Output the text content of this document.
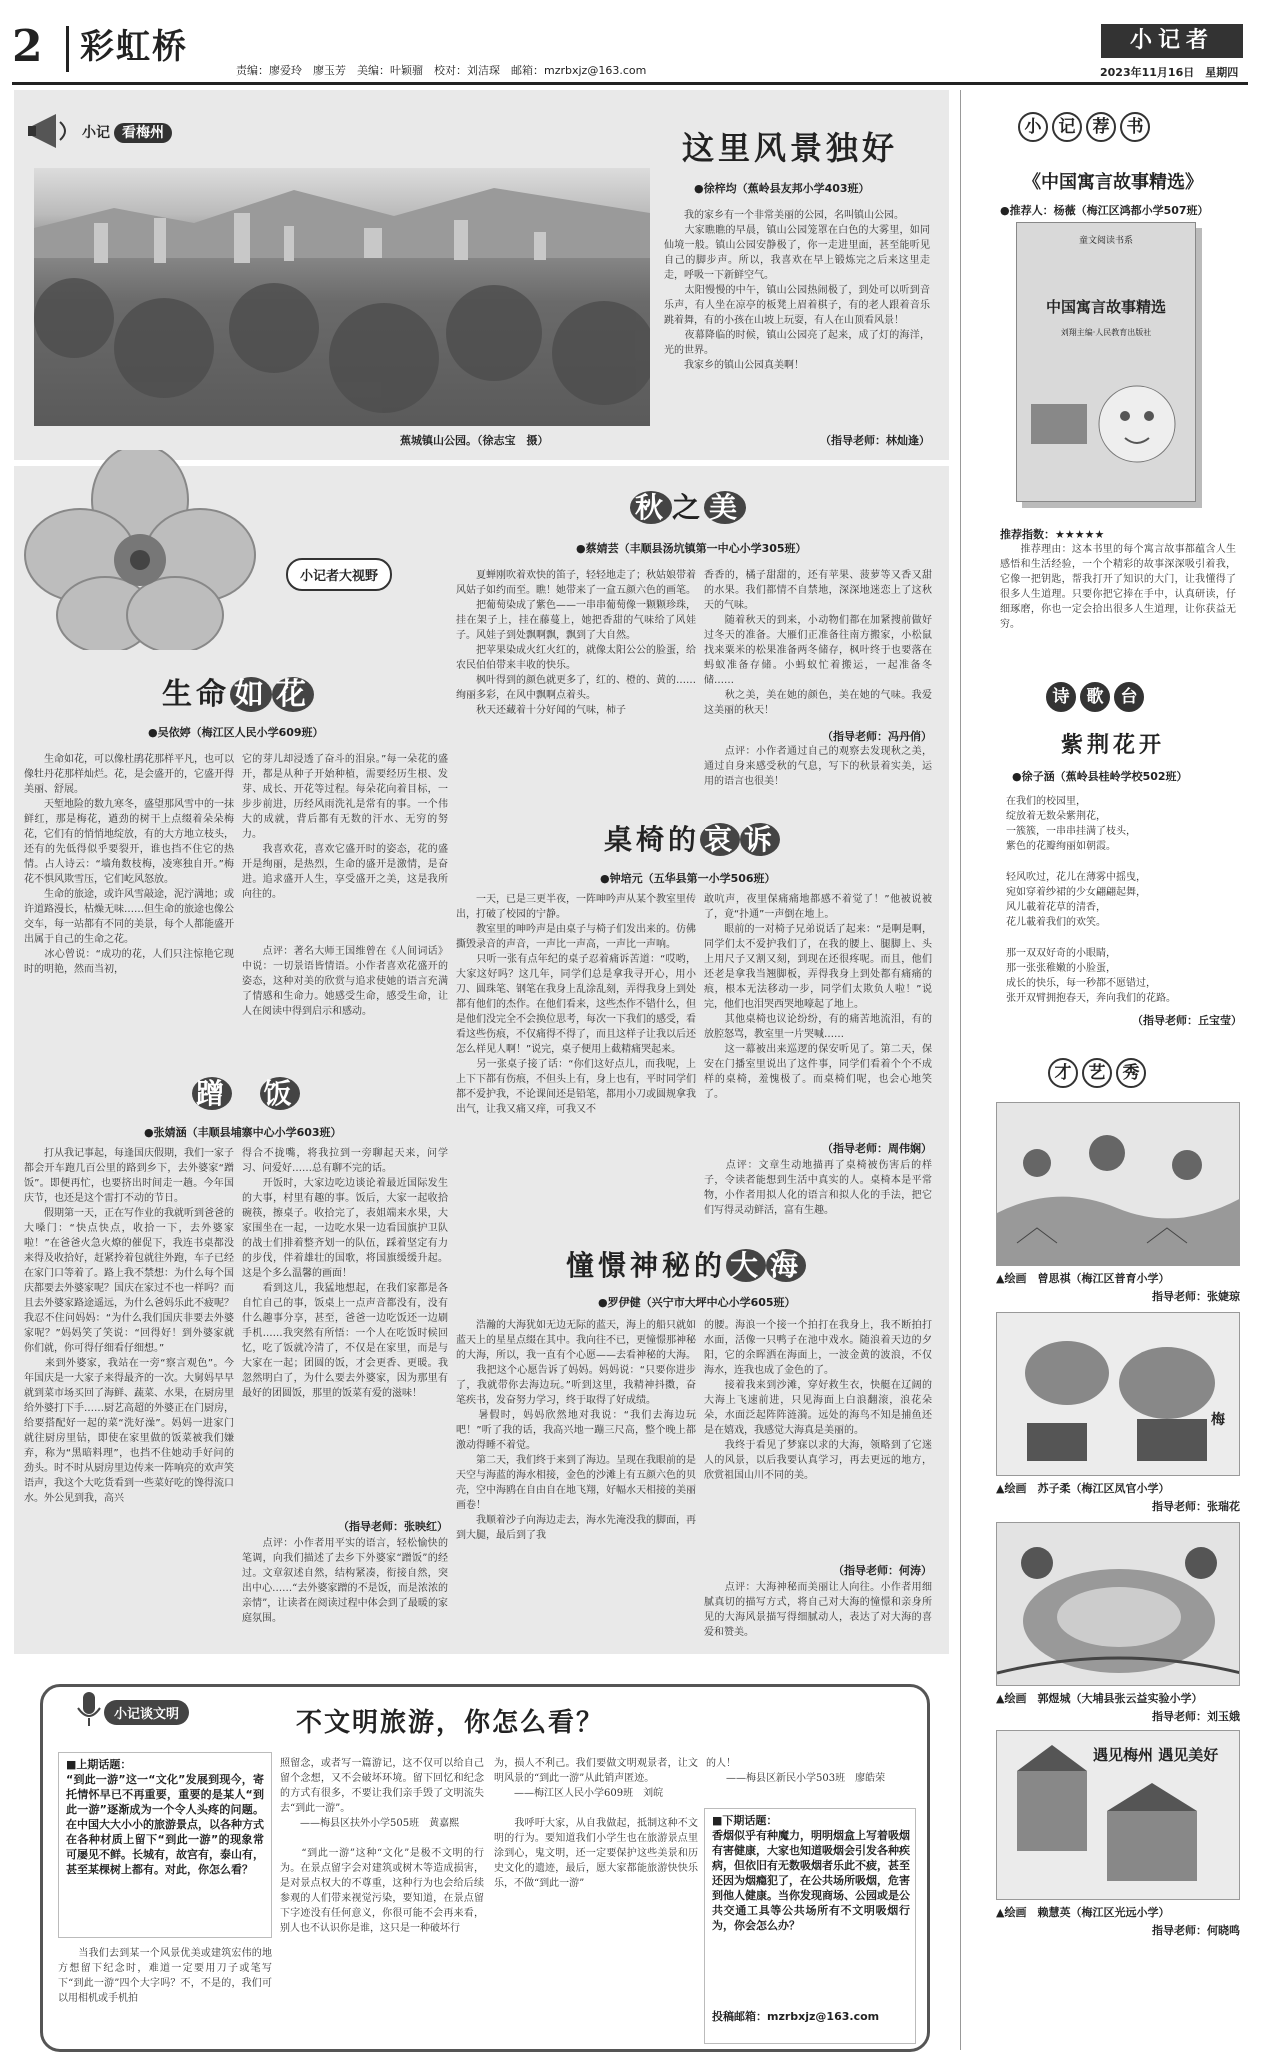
2 彩虹桥
责编：廖爱玲　廖玉芳　美编：叶颖骝　校对：刘洁琛　邮箱：mzrbxjz@163.com
小记者
2023年11月16日　星期四
小记 看梅州
蕉城镇山公园。（徐志宝　摄）
这里风景独好
●徐梓均（蕉岭县友邦小学403班）
　　我的家乡有一个非常美丽的公园，名叫镇山公园。
　　大家瞧瞧的早晨，镇山公园笼罩在白色的大雾里，如同仙境一般。镇山公园安静极了，你一走进里面，甚至能听见自己的脚步声。所以，我喜欢在早上锻炼完之后来这里走走，呼吸一下新鲜空气。
　　太阳慢慢的中午，镇山公园热闹极了，到处可以听到音乐声，有人坐在凉亭的板凳上眉着棋子，有的老人跟着音乐跳着舞，有的小孩在山坡上玩耍，有人在山顶看风景！
　　夜幕降临的时候，镇山公园亮了起来，成了灯的海洋，光的世界。
　　我家乡的镇山公园真美啊！
（指导老师：林灿逢）
小记者大视野
秋 之 美
●蔡婧芸（丰顺县汤坑镇第一中心小学305班）
　　夏蝉刚吹着欢快的笛子，轻轻地走了；秋姑娘带着风姑子如约而至。瞧！她带来了一盒五颜六色的画笔。
　　把葡萄染成了紫色——一串串葡萄像一颗颗珍珠，挂在架子上，挂在藤蔓上，她把香甜的气味给了风娃子。风娃子到处飘啊飘，飘到了大自然。
　　把苹果染成火红火红的，就像太阳公公的脸蛋，给农民伯伯带来丰收的快乐。
　　枫叶得到的颜色就更多了，红的、橙的、黄的……绚丽多彩，在风中飘啊点着头。
　　秋天还藏着十分好闻的气味，柿子
香香的，橘子甜甜的，还有苹果、菠萝等又香又甜的水果。我们都情不自禁地，深深地迷恋上了这秋天的气味。
　　随着秋天的到来，小动物们都在加紧搜前做好过冬天的准备。大雁们正准备往南方搬家，小松鼠找来粟米的松果准备两冬储存，枫叶终于也要落在蚂蚁准备存储。小蚂蚁忙着搬运，一起准备冬储……
　　秋之美，美在她的颜色，美在她的气味。我爱这美丽的秋天！
（指导老师：冯丹俏）
　　点评：小作者通过自己的观察去发现秋之美，通过自身来感受秋的气息，写下的秋景着实美，运用的语言也很美！
生命 如 花
●吴依婷（梅江区人民小学609班）
　　生命如花，可以像杜鹃花那样平凡，也可以像牡丹花那样灿烂。花，是会盛开的，它盛开得美丽、舒展。
　　天堑地险的数九寒冬，盛望那风雪中的一抹鲜红，那是梅花，遒劲的树干上点缀着朵朵梅花，它们有的悄悄地绽放，有的大方地立枝头，还有的先低得似乎要裂开，谁也挡不住它的热情。占人诗云：“墙角数枝梅，凌寒独自开。”梅花不惧风欺雪压，它们屹风怒放。
　　生命的旅途，或许风雪敲途，泥泞满地；或许道路漫长，枯燥无味……但生命的旅途也像公交车，每一站都有不同的美景，每个人都能盛开出属于自己的生命之花。
　　冰心曾说：“成功的花，人们只注惊艳它现时的明艳，然而当初，
它的芽儿却浸透了奋斗的泪泉。”每一朵花的盛开，都是从种子开始种植，需要经历生根、发芽、成长、开花等过程。每朵花向着目标，一步步前进，历经风雨洗礼是常有的事。一个伟大的成就，背后都有无数的汗水、无穷的努力。
　　我喜欢花，喜欢它盛开时的姿态，花的盛开是绚丽，是热烈，生命的盛开是激情，是奋进。追求盛开人生，享受盛开之美，这是我所向往的。
　　点评：著名大师王国维曾在《人间词话》中说：一切景语皆情语。小作者喜欢花盛开的姿态，这种对美的欣赏与追求使她的语言充满了情感和生命力。她感受生命，感受生命，让人在阅读中得到启示和感动。
桌椅的 哀 诉
●钟培元（五华县第一小学506班）
　　一天，已是三更半夜，一阵呻吟声从某个教室里传出，打破了校园的宁静。
　　教室里的呻吟声是由桌子与椅子们发出来的。仿佛撕毁录音的声音，一声比一声高，一声比一声响。
　　只听一张有点年纪的桌子忍着痛诉苦道：“哎哟，大家这好吗？这几年，同学们总是拿我寻开心，用小刀、圆珠笔、钢笔在我身上乱涂乱刻，弄得我身上到处都有他们的杰作。在他们看来，这些杰作不错什么，但是他们没完全不会换位思考，每次一下我们的感受，看看这些伤痕，不仅痛得不得了，而且这样子让我以后还怎么样见人啊！”说完，桌子便用上截精痛哭起来。
　　另一张桌子接了话：“你们这好点儿，而我呢，上上下下都有伤痕，不但头上有，身上也有，平时同学们都不爱护我，不论课间还是铅笔，都用小刀或圆规拿我出气，让我又痛又痒，可我又不
敢吭声，夜里保痛痛地都感不着觉了！”他被说被了，竟“扑通”一声倒在地上。
　　眼前的一对椅子兄弟说话了起来：“是啊是啊，同学们太不爱护我们了，在我的腰上、腿脚上、头上用尺子又割又刻，到现在还很疼呢。而且，他们还老是拿我当翘脚板，弄得我身上到处都有痛痛的痕，根本无法移动一步，同学们太欺负人啦！”说完，他们也泪哭西哭地嚎起了地上。
　　其他桌椅也议论纷纷，有的痛苦地流泪，有的放腔怒骂，教室里一片哭喊……
　　这一幕被出来巡逻的保安听见了。第二天，保安在门播室里说出了这件事，同学们看着个个不成样的桌椅，羞愧极了。而桌椅们呢，也会心地笑了。
（指导老师：周伟娴）
　　点评：文章生动地描再了桌椅被伤害后的样子，令读者能想到生活中真实的人。桌椅本是平常物，小作者用拟人化的语言和拟人化的手法，把它们写得灵动鲜活，富有生趣。
蹭 饭
●张婧涵（丰顺县埔寨中心小学603班）
　　打从我记事起，每逢国庆假期，我们一家子都会开车跑几百公里的路到乡下，去外婆家“蹭饭”。即便再忙，也要挤出时间走一趟。今年国庆节，也还是这个雷打不动的节日。
　　假期第一天，正在写作业的我就听到爸爸的大嗓门：“快点快点，收拾一下，去外婆家啦！”在爸爸火急火燎的催促下，我连书桌都没来得及收拾好，赶紧拎着包就往外跑，车子已经在家门口等着了。路上我不禁想：为什么每个国庆都要去外婆家呢？国庆在家过不也一样吗？而且去外婆家路途遥远，为什么爸妈乐此不疲呢？我忍不住问妈妈：“为什么我们国庆非要去外婆家呢？”妈妈笑了笑说：“回得好！到外婆家就你们就，你可得仔细看仔细想。”
　　来到外婆家，我站在一旁“察言观色”。今年国庆是一大家子来得最齐的一次。大舅妈早早就到菜市场买回了海鲜、蔬菜、水果，在厨房里给外婆打下手……厨艺高超的外婆正在门厨房，给要搭配好一起的菜“洗好澡”。妈妈一进家门就往厨房里钻，即使在家里做的饭菜被我们嫌弃，称为“黑暗料理”，也挡不住她动手好问的劲头。时不时从厨房里边传来一阵响亮的欢声笑语声，我这个大吃货看到一些菜好吃的馋得流口水。外公见到我，高兴
得合不拢嘴，将我拉到一旁聊起天来，问学习、问爱好……总有聊不完的话。
　　开饭时，大家边吃边谈论着最近国际发生的大事，村里有趣的事。饭后，大家一起收拾碗筷，擦桌子。收拾完了，表姐端来水果，大家围坐在一起，一边吃水果一边看国旗护卫队的战士们排着整齐划一的队伍，踩着坚定有力的步伐，伴着雄壮的国歌，将国旗缓缓升起。这是个多么温馨的画面！
　　看到这儿，我猛地想起，在我们家都是各自忙自己的事，饭桌上一点声音都没有，没有什么趣事分享，甚至，爸爸一边吃饭还一边刷手机……我突然有所悟：一个人在吃饭时候回忆，吃了饭就冷清了，不仅是在家里，而是与大家在一起；团圆的饭，才会更香、更暖。我忽然明白了，为什么要去外婆家，因为那里有最好的团圆饭，那里的饭菜有爱的滋味！
（指导老师：张映红）
　　点评：小作者用平实的语言，轻松愉快的笔调，向我们描述了去乡下外婆家“蹭饭”的经过。文章叙述自然，结构紧凑，衔接自然，突出中心……“去外婆家蹭的不是饭，而是浓浓的亲情”，让读者在阅读过程中体会到了最暖的家庭氛围。
憧憬神秘的 大 海
●罗伊健（兴宁市大坪中心小学605班）
　　浩瀚的大海犹如无边无际的蓝天，海上的船只就如蓝天上的星星点缀在其中。我向往不已，更憧憬那神秘的大海，所以，我一直有个心愿——去看神秘的大海。
　　我把这个心愿告诉了妈妈。妈妈说：“只要你进步了，我就带你去海边玩。”听到这里，我精神抖擞，奋笔疾书，发奋努力学习，终于取得了好成绩。
　　暑假时，妈妈欣然地对我说：“我们去海边玩吧！”听了我的话，我高兴地一蹦三尺高，整个晚上都激动得睡不着觉。
　　第二天，我们终于来到了海边。呈现在我眼前的是天空与海蓝的海水相接，金色的沙滩上有五颜六色的贝壳，空中海鸥在自由自在地飞翔，好幅水天相接的美丽画卷！
　　我顺着沙子向海边走去，海水先淹没我的脚面，再到大腿，最后到了我
的腰。海浪一个接一个拍打在我身上，我不断拍打水面，活像一只鸭子在池中戏水。随浪着天边的夕阳，它的余晖洒在海面上，一波金黄的波浪，不仅海水，连我也成了金色的了。
　　接着我来到沙滩，穿好救生衣，快艇在辽阔的大海上飞速前进，只见海面上白浪翻滚，浪花朵朵，水面泛起阵阵涟漪。远处的海鸟不知是捕鱼还是在嬉戏，我感觉大海真是美丽的。
　　我终于看见了梦寐以求的大海，领略到了它迷人的风景，以后我要认真学习，再去更远的地方，欣赏祖国山川不同的美。
（指导老师：何涛）
　　点评：大海神秘而美丽让人向往。小作者用细腻真切的描写方式，将自己对大海的憧憬和亲身所见的大海风景描写得细腻动人，表达了对大海的喜爱和赞美。
小记谈文明	不文明旅游，你怎么看？
■上期话题：
“到此一游”这一“文化”发展到现今，寄托情怀早已不再重要，重要的是某人“到此一游”逐渐成为一个令人头疼的问题。在中国大大小小的旅游景点，以各种方式在各种材质上留下“到此一游”的现象常可屡见不鲜。长城有，故宫有，泰山有，甚至某棵树上都有。对此，你怎么看？
　　当我们去到某一个风景优美或建筑宏伟的地方想留下纪念时，难道一定要用刀子或笔写下“到此一游”四个大字吗？不，不是的，我们可以用相机或手机拍
照留念，或者写一篇游记，这不仅可以给自己留个念想，又不会破坏环境。留下回忆和纪念的方式有很多，不要让我们亲手毁了文明流失去“到此一游”。
　　——梅县区扶外小学505班　黄嘉熙

　　“到此一游”这种“文化”是极不文明的行为。在景点留字会对建筑或树木等造成损害，是对景点权大的不尊重，这种行为也会给后续参观的人们带来视觉污染，要知道，在景点留下字迹没有任何意义，你很可能不会再来看，别人也不认识你是谁，这只是一种破坏行
为，损人不利己。我们要做文明观景者，让文明风景的“到此一游”从此销声匿迹。
　　——梅江区人民小学609班　刘皖

　　我呼吁大家，从自我做起，抵制这种不文明的行为。要知道我们小学生也在旅游景点里涂到心，鬼文明，还一定要保护这些美景和历史文化的遗迹，最后，愿大家都能旅游快快乐乐，不做“到此一游”
的人！
　　——梅县区新民小学503班　廖皓荣
■下期话题：
香烟似乎有种魔力，明明烟盒上写着吸烟有害健康，大家也知道吸烟会引发各种疾病，但依旧有无数吸烟者乐此不疲，甚至还因为烟瘾犯了，在公共场所吸烟，危害到他人健康。当你发现商场、公园或是公共交通工具等公共场所有不文明吸烟行为，你会怎么办？
投稿邮箱：mzrbxjz@163.com
小 记 荐 书
《中国寓言故事精选》
●推荐人：杨薇（梅江区鸿都小学507班）
童文阅读书系
中国寓言故事精选
刘翔主编·人民教育出版社
推荐指数：★★★★★
　　推荐理由：这本书里的每个寓言故事都蕴含人生感悟和生活经验，一个个精彩的故事深深吸引着我，它像一把钥匙，帮我打开了知识的大门，让我懂得了很多人生道理。只要你把它捧在手中，认真研读，仔细琢磨，你也一定会拾出很多人生道理，让你获益无穷。
诗 歌 台
紫荆花开
●徐子涵（蕉岭县桂岭学校502班）
在我们的校园里，
绽放着无数朵紫荆花，
一簇簇，一串串挂满了枝头，
紫色的花瓣绚丽如朝霞。
轻风吹过，花儿在薄雾中摇曳，
宛如穿着纱裙的少女翩翩起舞，
风儿載着花草的清香，
花儿載着我们的欢笑。
那一双双好奇的小眼睛，
那一张张稚嫩的小脸蛋，
成长的快乐，每一秒都不愿错过，
张开双臂拥抱春天，奔向我们的花路。
（指导老师：丘宝莹）
才 艺 秀
▲绘画　曾思祺（梅江区普育小学）
指导老师：张婕琼
梅
▲绘画　苏子柔（梅江区凤官小学）
指导老师：张瑞花
▲绘画　郭煜城（大埔县张云益实验小学）
指导老师：刘玉娥
遇见梅州 遇见美好
▲绘画　赖慧英（梅江区光远小学）
指导老师：何晓鸣
